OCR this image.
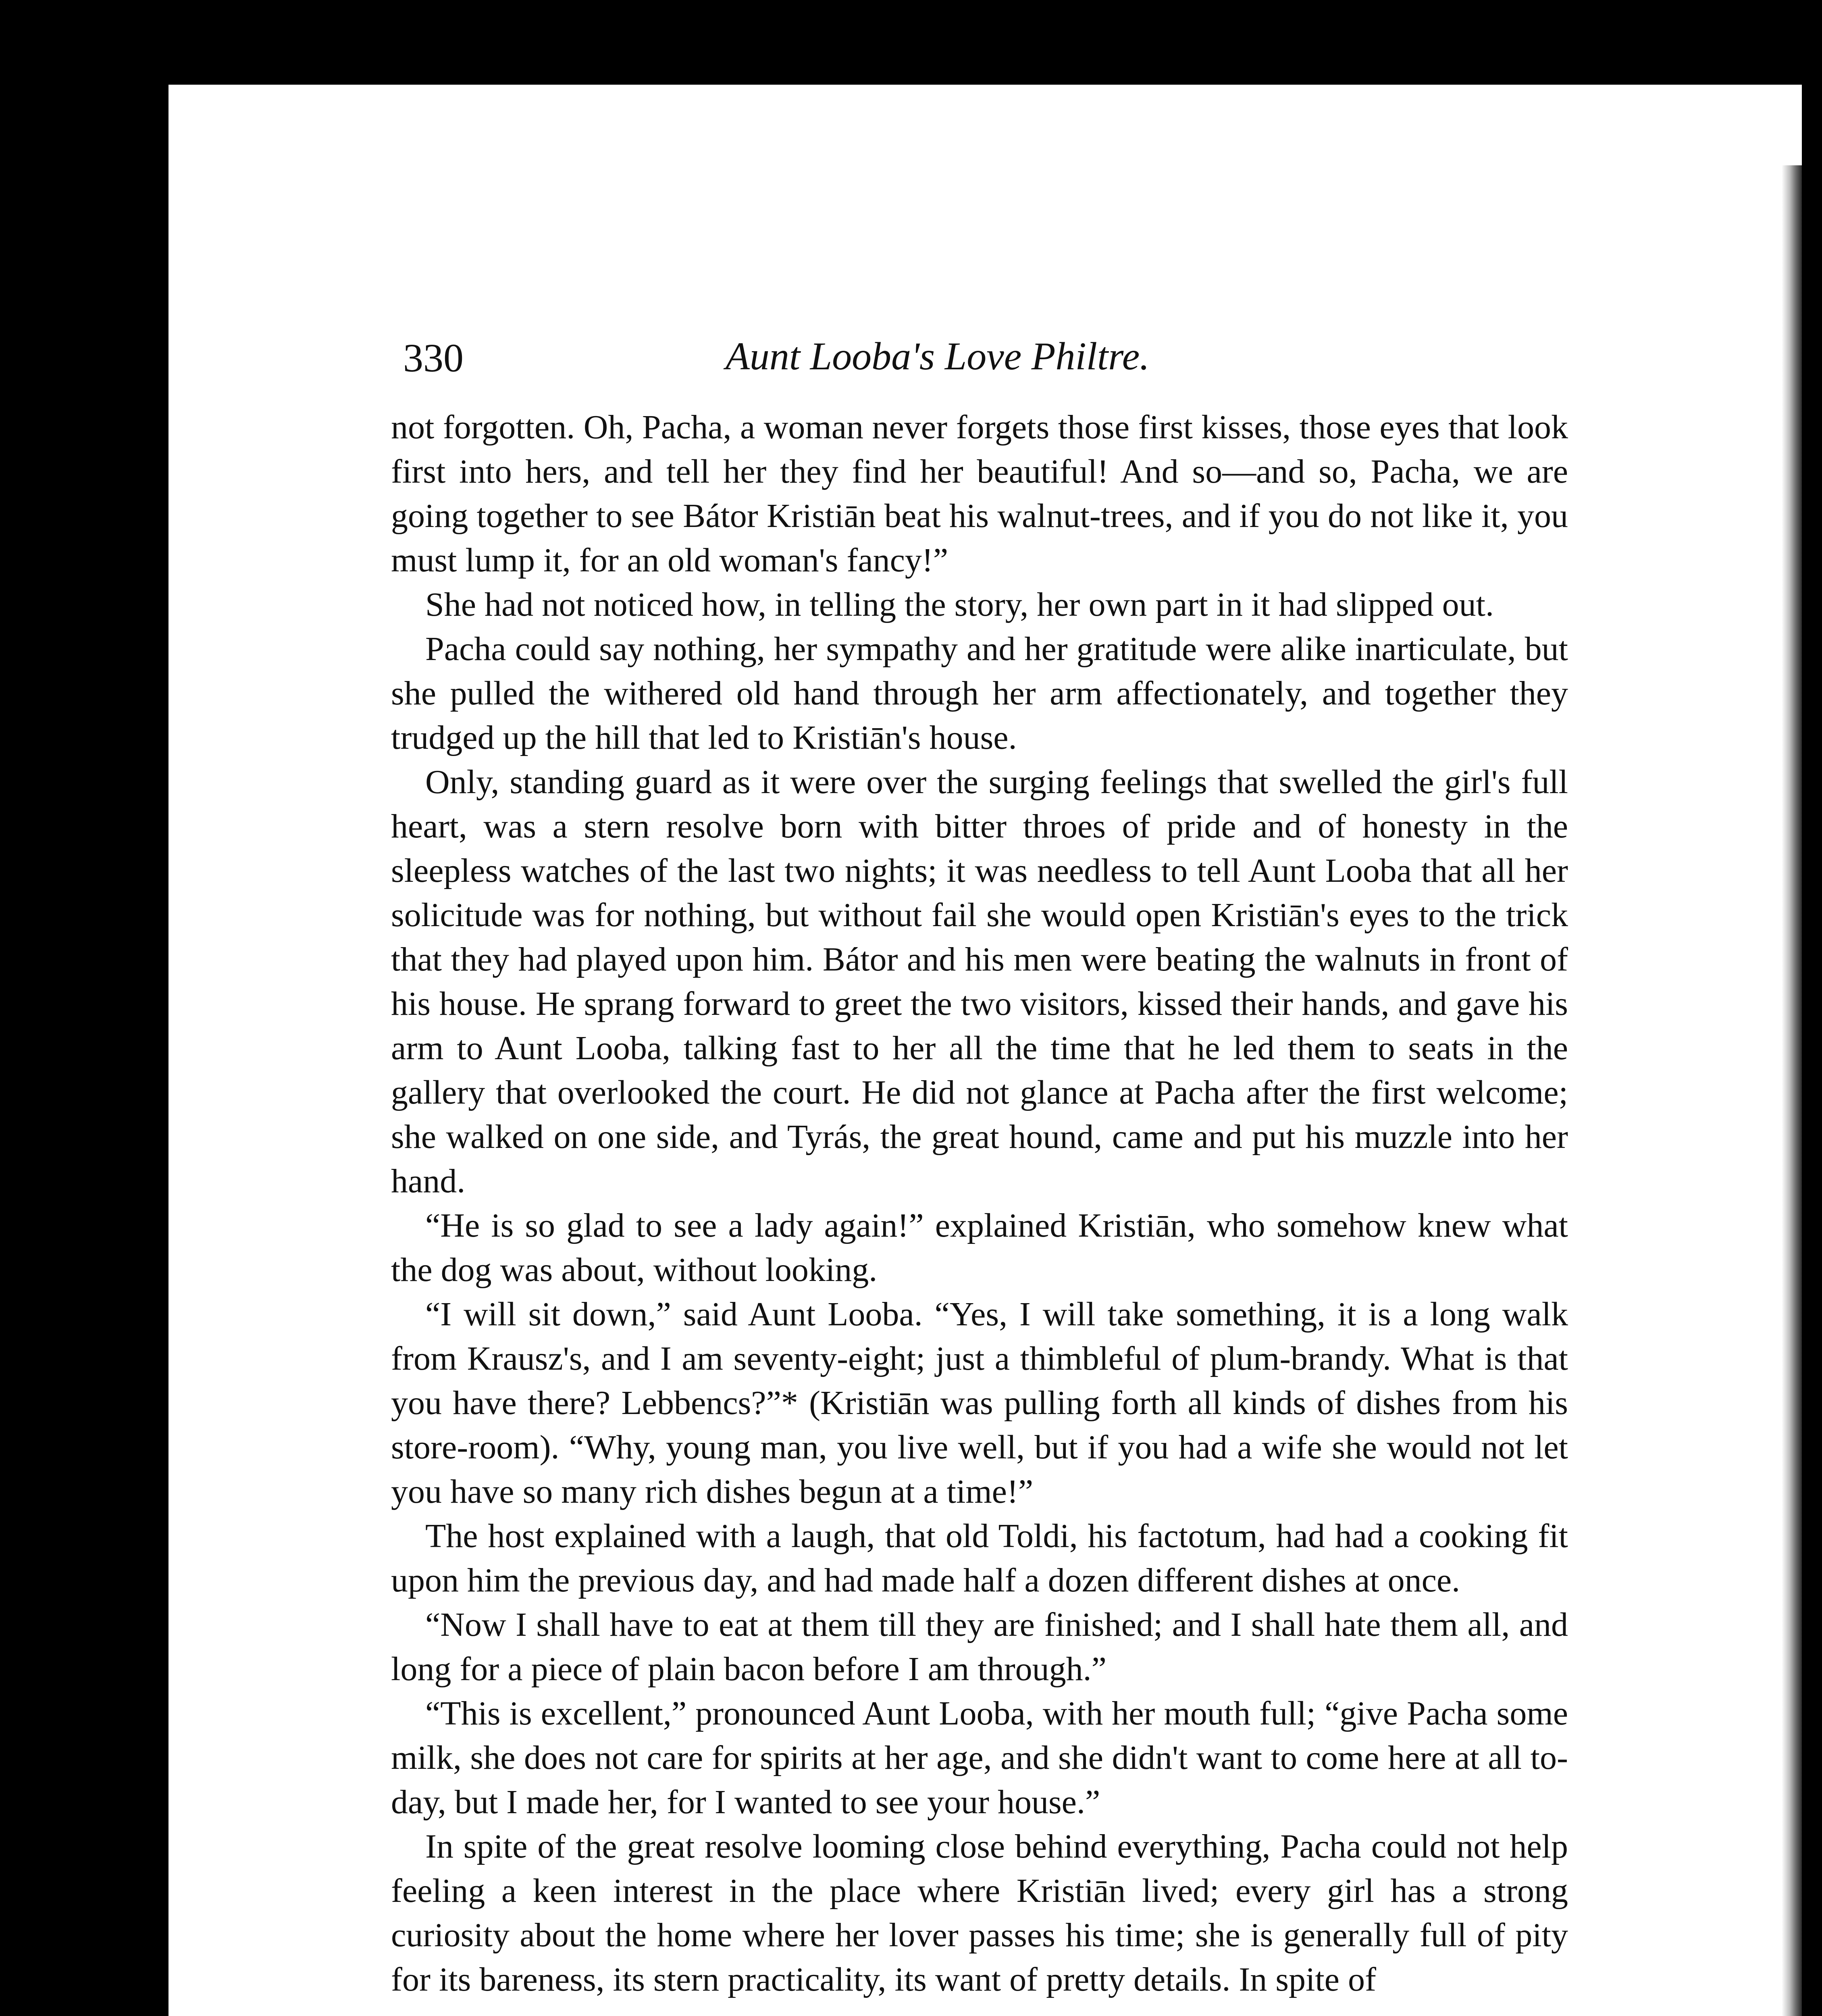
330	Aunt Looba's Love Philtre.

not forgotten. Oh, Pacha, a woman never forgets those first kisses, those eyes that look first into hers, and tell her they find her beautiful! And so—and so, Pacha, we are going together to see Bátor Kristiān beat his walnut-trees, and if you do not like it, you must lump it, for an old woman's fancy!”

She had not noticed how, in telling the story, her own part in it had slipped out.

Pacha could say nothing, her sympathy and her gratitude were alike inarticulate, but she pulled the withered old hand through her arm affectionately, and together they trudged up the hill that led to Kristiān's house.

Only, standing guard as it were over the surging feelings that swelled the girl's full heart, was a stern resolve born with bitter throes of pride and of honesty in the sleepless watches of the last two nights; it was needless to tell Aunt Looba that all her solicitude was for nothing, but without fail she would open Kristiān's eyes to the trick that they had played upon him. Bátor and his men were beating the walnuts in front of his house. He sprang forward to greet the two visitors, kissed their hands, and gave his arm to Aunt Looba, talking fast to her all the time that he led them to seats in the gallery that overlooked the court. He did not glance at Pacha after the first welcome; she walked on one side, and Tyrás, the great hound, came and put his muzzle into her hand.

“He is so glad to see a lady again!” explained Kristiān, who somehow knew what the dog was about, without looking.

“I will sit down,” said Aunt Looba. “Yes, I will take something, it is a long walk from Krausz's, and I am seventy-eight; just a thimbleful of plum-brandy. What is that you have there? Lebbencs?”* (Kristiān was pulling forth all kinds of dishes from his store-room). “Why, young man, you live well, but if you had a wife she would not let you have so many rich dishes begun at a time!”

The host explained with a laugh, that old Toldi, his factotum, had had a cooking fit upon him the previous day, and had made half a dozen different dishes at once.

“Now I shall have to eat at them till they are finished; and I shall hate them all, and long for a piece of plain bacon before I am through.”

“This is excellent,” pronounced Aunt Looba, with her mouth full; “give Pacha some milk, she does not care for spirits at her age, and she didn't want to come here at all to-day, but I made her, for I wanted to see your house.”

In spite of the great resolve looming close behind everything, Pacha could not help feeling a keen interest in the place where Kristiān lived; every girl has a strong curiosity about the home where her lover passes his time; she is generally full of pity for its bareness, its stern practicality, its want of pretty details. In spite of
